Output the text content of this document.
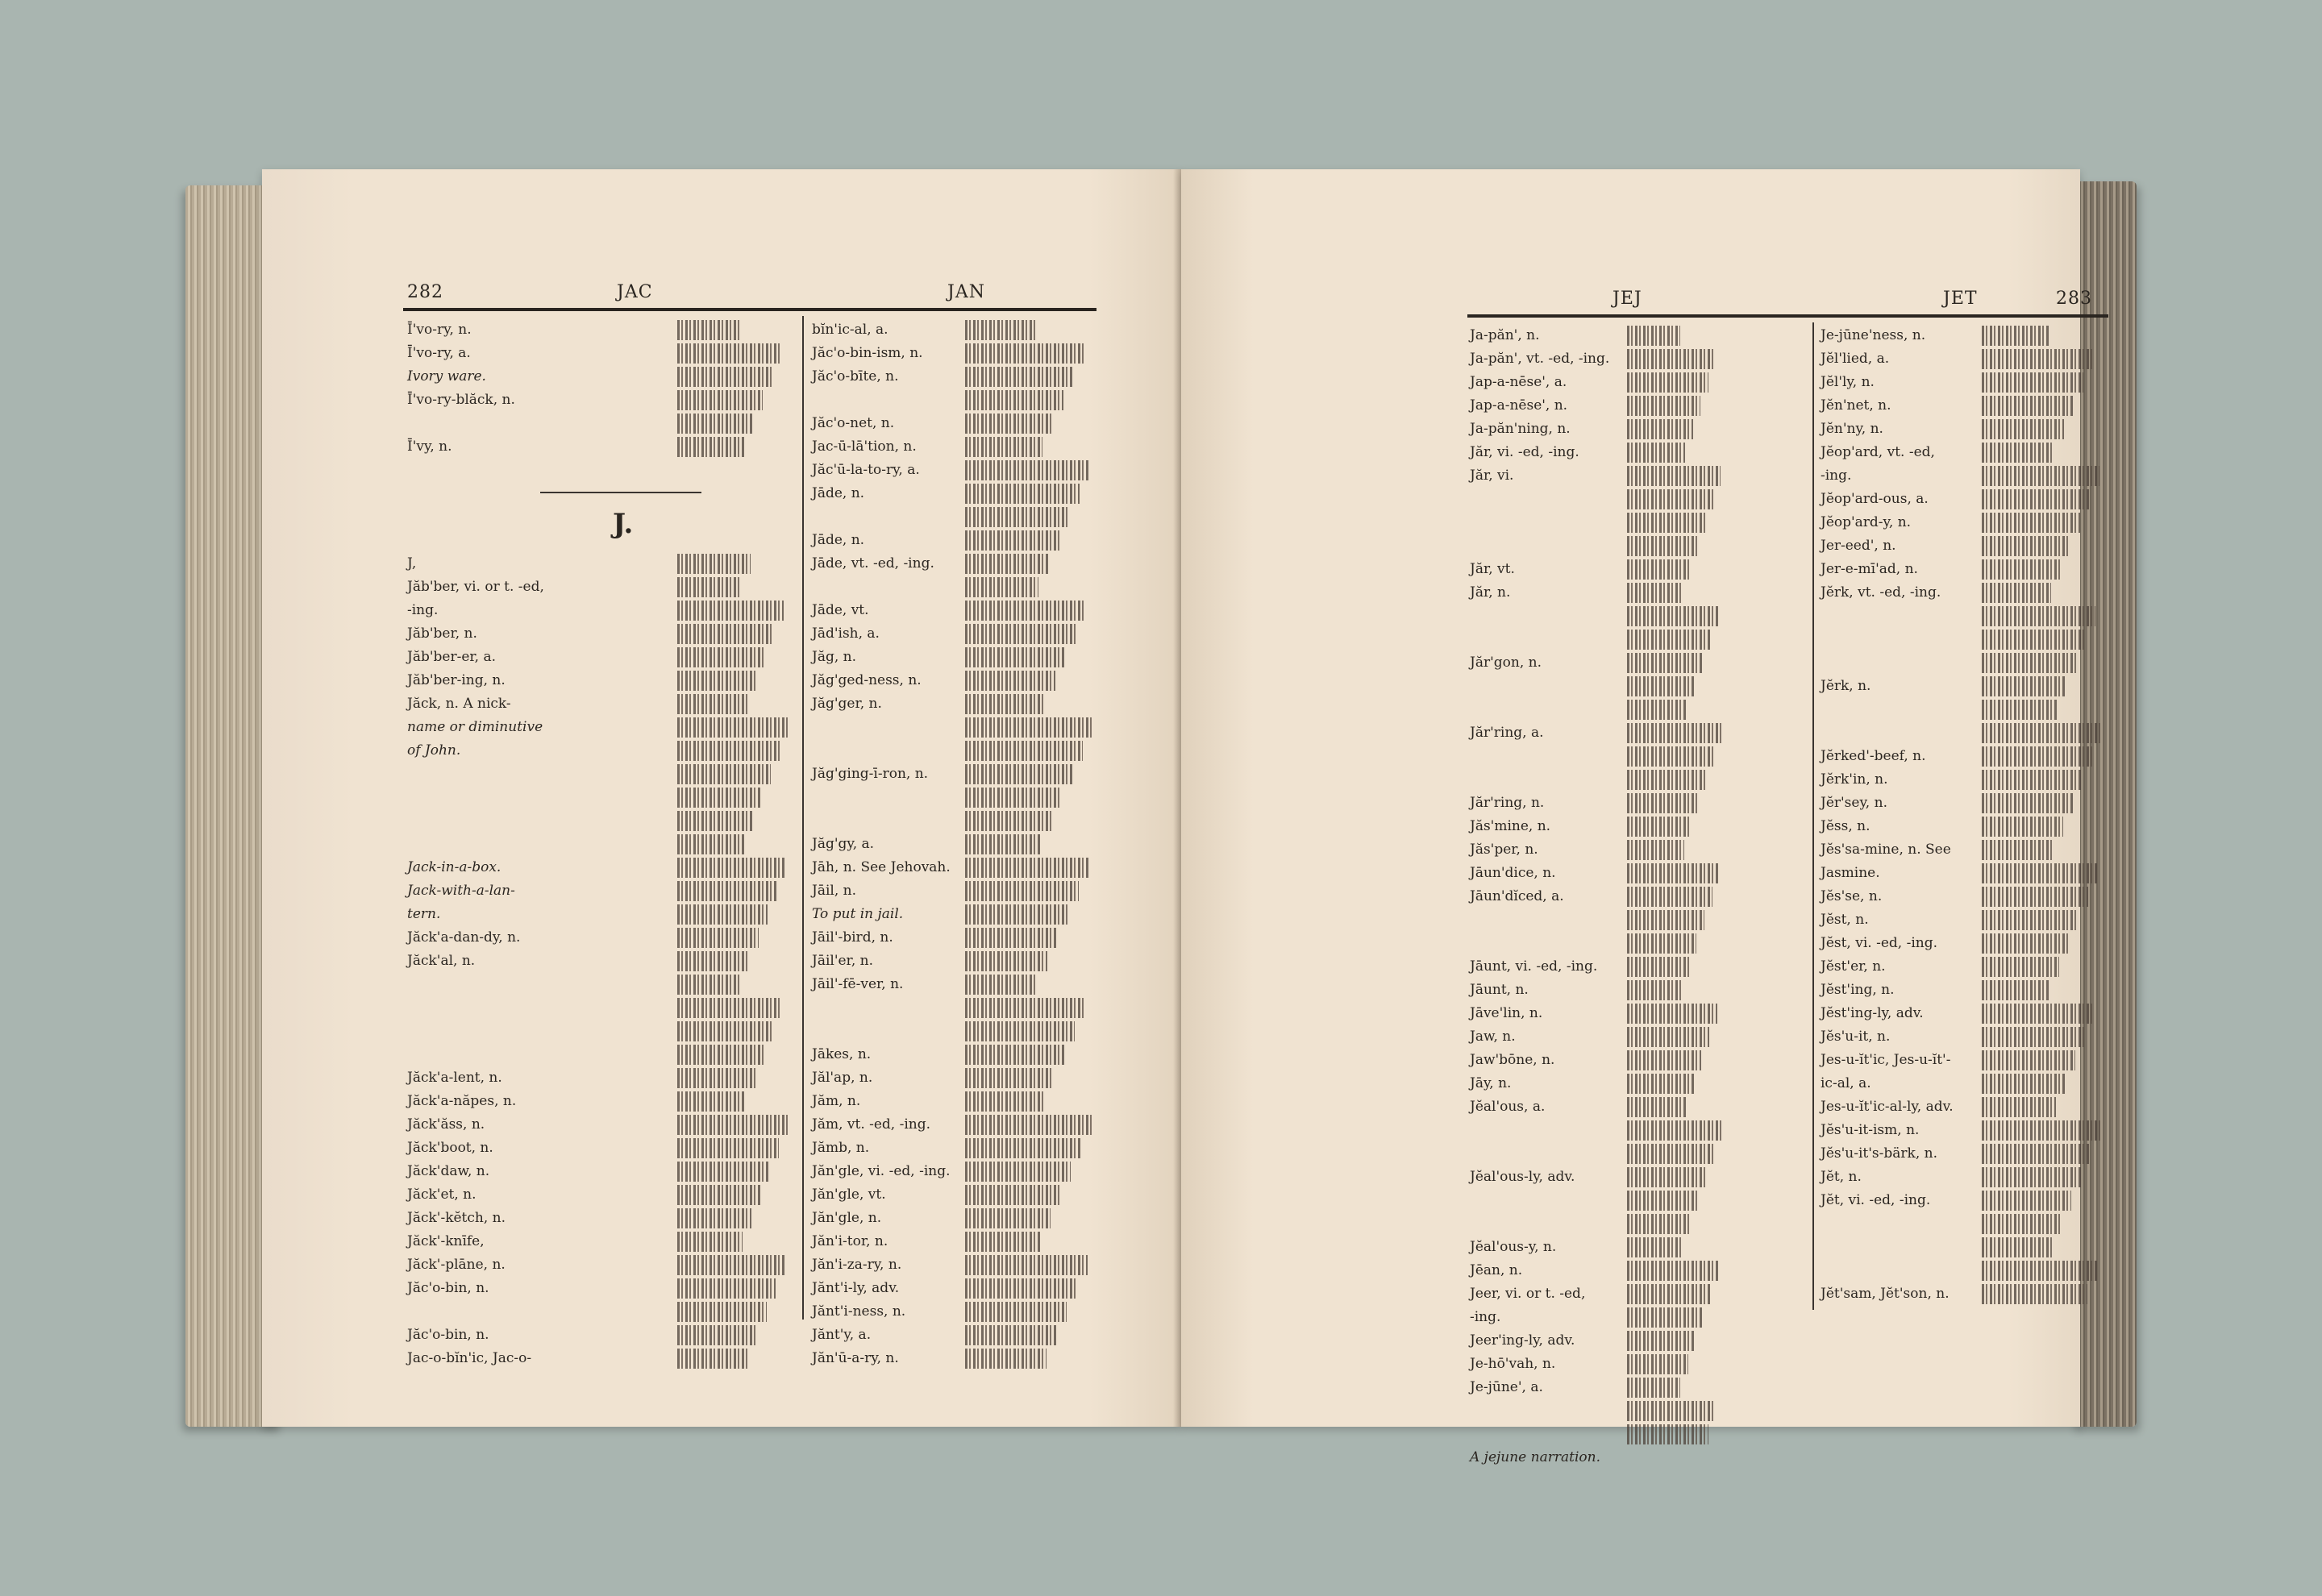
282	JAC	JAN
J.
Ī'vo-ry, n.
Ī'vo-ry, a.
Ivory ware.
Ī'vo-ry-blăck, n.
Ī'vy, n.
J,
Jăb'ber, vi. or t. -ed,
-ing.
Jăb'ber, n.
Jăb'ber-er, a.
Jăb'ber-ing, n.
Jăck, n. A nick-
name or diminutive
of John.
Jack-in-a-box.
Jack-with-a-lan-
tern.
Jăck'a-dan-dy, n.
Jăck'al, n.
Jăck'a-lent, n.
Jăck'a-năpes, n.
Jăck'ăss, n.
Jăck'boot, n.
Jăck'daw, n.
Jăck'et, n.
Jăck'-kĕtch, n.
Jăck'-knīfe,
Jăck'-plāne, n.
Jăc'o-bin, n.
Jăc'o-bin, n.
Jac-o-bĭn'ic, Jac-o-
bĭn'ic-al, a.
Jăc'o-bin-ism, n.
Jăc'o-bīte, n.
Jăc'o-net, n.
Jac-ū-lā'tion, n.
Jăc'ū-la-to-ry, a.
Jāde, n.
Jāde, n.
Jāde, vt. -ed, -ing.
Jāde, vt.
Jād'ish, a.
Jăg, n.
Jăg'ged-ness, n.
Jăg'ger, n.
Jăg'ging-ī-ron, n.
Jăg'gy, a.
Jāh, n. See Jehovah.
Jāil, n.
To put in jail.
Jāil'-bird, n.
Jāil'er, n.
Jāil'-fē-ver, n.
Jākes, n.
Jăl'ap, n.
Jăm, n.
Jăm, vt. -ed, -ing.
Jămb, n.
Jăn'gle, vi. -ed, -ing.
Jăn'gle, vt.
Jăn'gle, n.
Jăn'i-tor, n.
Jăn'i-za-ry, n.
Jănt'i-ly, adv.
Jănt'i-ness, n.
Jănt'y, a.
Jăn'ū-a-ry, n.
JEJ	JET	283
Ja-păn', n.
Ja-păn', vt. -ed, -ing.
Jap-a-nēse', a.
Jap-a-nēse', n.
Ja-păn'ning, n.
Jăr, vi. -ed, -ing.
Jăr, vi.
Jăr, vt.
Jăr, n.
Jăr'gon, n.
Jăr'ring, a.
Jăr'ring, n.
Jăs'mine, n.
Jăs'per, n.
Jāun'dice, n.
Jāun'dĭced, a.
Jāunt, vi. -ed, -ing.
Jāunt, n.
Jāve'lin, n.
Jaw, n.
Jaw'bōne, n.
Jāy, n.
Jĕal'ous, a.
Jĕal'ous-ly, adv.
Jĕal'ous-y, n.
Jēan, n.
Jeer, vi. or t. -ed,
-ing.
Jeer'ing-ly, adv.
Je-hō'vah, n.
Je-jūne', a.
A jejune narration.
Je-jūne'ness, n.
Jĕl'lied, a.
Jĕl'ly, n.
Jĕn'net, n.
Jĕn'ny, n.
Jĕop'ard, vt. -ed,
-ing.
Jĕop'ard-ous, a.
Jĕop'ard-y, n.
Jer-eed', n.
Jer-e-mī'ad, n.
Jĕrk, vt. -ed, -ing.
Jĕrk, n.
Jĕrked'-beef, n.
Jĕrk'in, n.
Jĕr'sey, n.
Jĕss, n.
Jĕs'sa-mine, n. See
Jasmine.
Jĕs'se, n.
Jĕst, n.
Jĕst, vi. -ed, -ing.
Jĕst'er, n.
Jĕst'ing, n.
Jĕst'ing-ly, adv.
Jĕs'u-it, n.
Jes-u-ĭt'ic, Jes-u-ĭt'-
ic-al, a.
Jes-u-ĭt'ic-al-ly, adv.
Jĕs'u-it-ism, n.
Jĕs'u-it's-bärk, n.
Jĕt, n.
Jĕt, vi. -ed, -ing.
Jĕt'sam, Jĕt'son, n.
